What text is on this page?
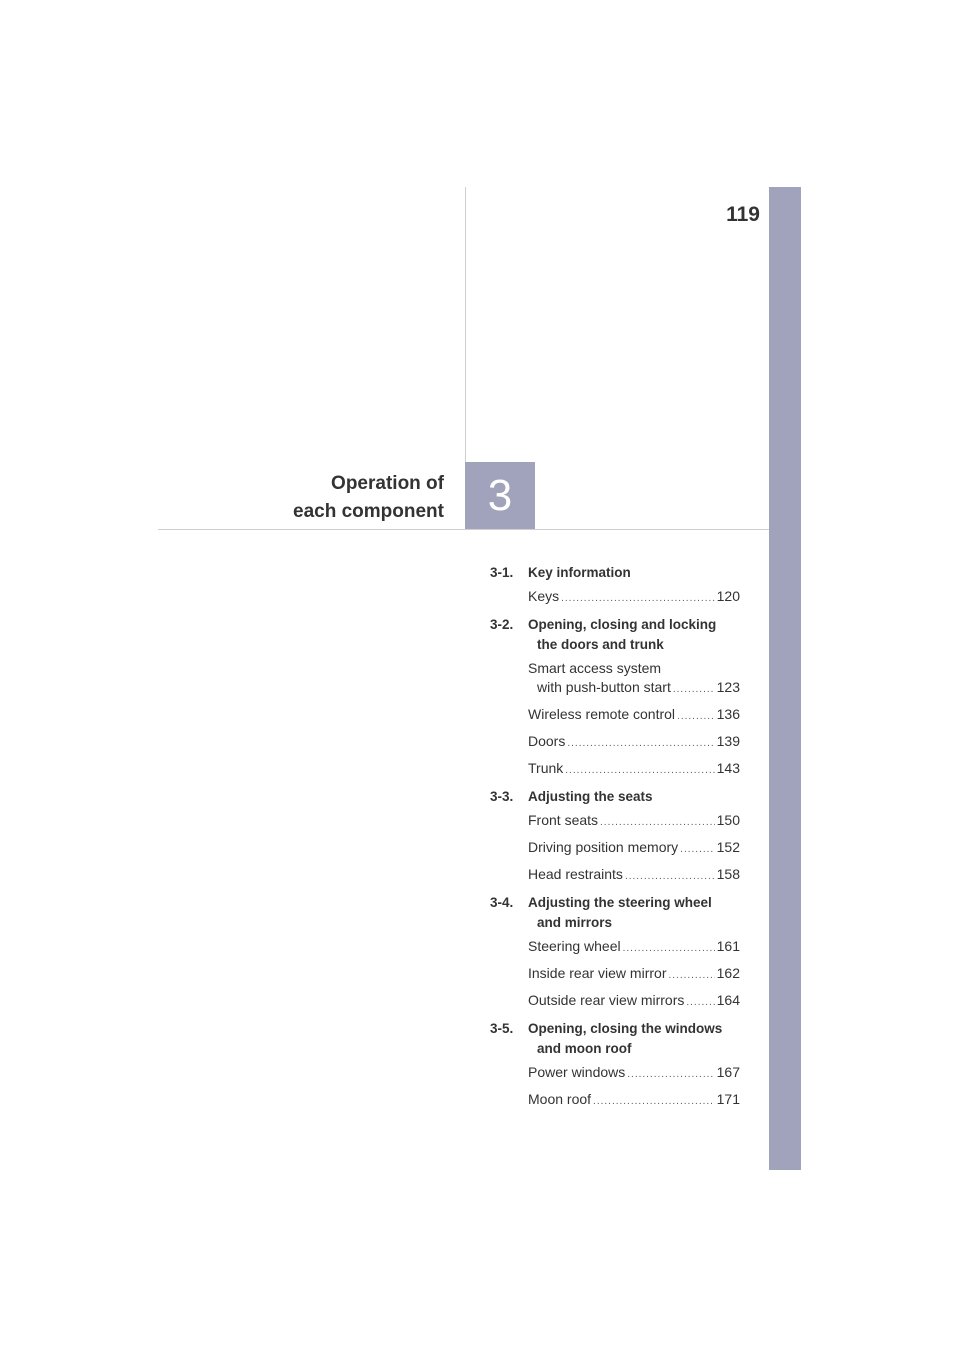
119
Operation of
each component 3
3-1.	Key information
Keys .....	120
3-2.	Opening, closing and locking
the doors and trunk
Smart access system
with push-button start .....	123
Wireless remote control .....	136
Doors .....	139
Trunk .....	143
3-3.	Adjusting the seats
Front seats .....	150
Driving position memory .....	152
Head restraints .....	158
3-4.	Adjusting the steering wheel
and mirrors
Steering wheel .....	161
Inside rear view mirror .....	162
Outside rear view mirrors ..... 164
3-5.	Opening, closing the windows
and moon roof
Power windows .....	167
Moon roof .....	171
